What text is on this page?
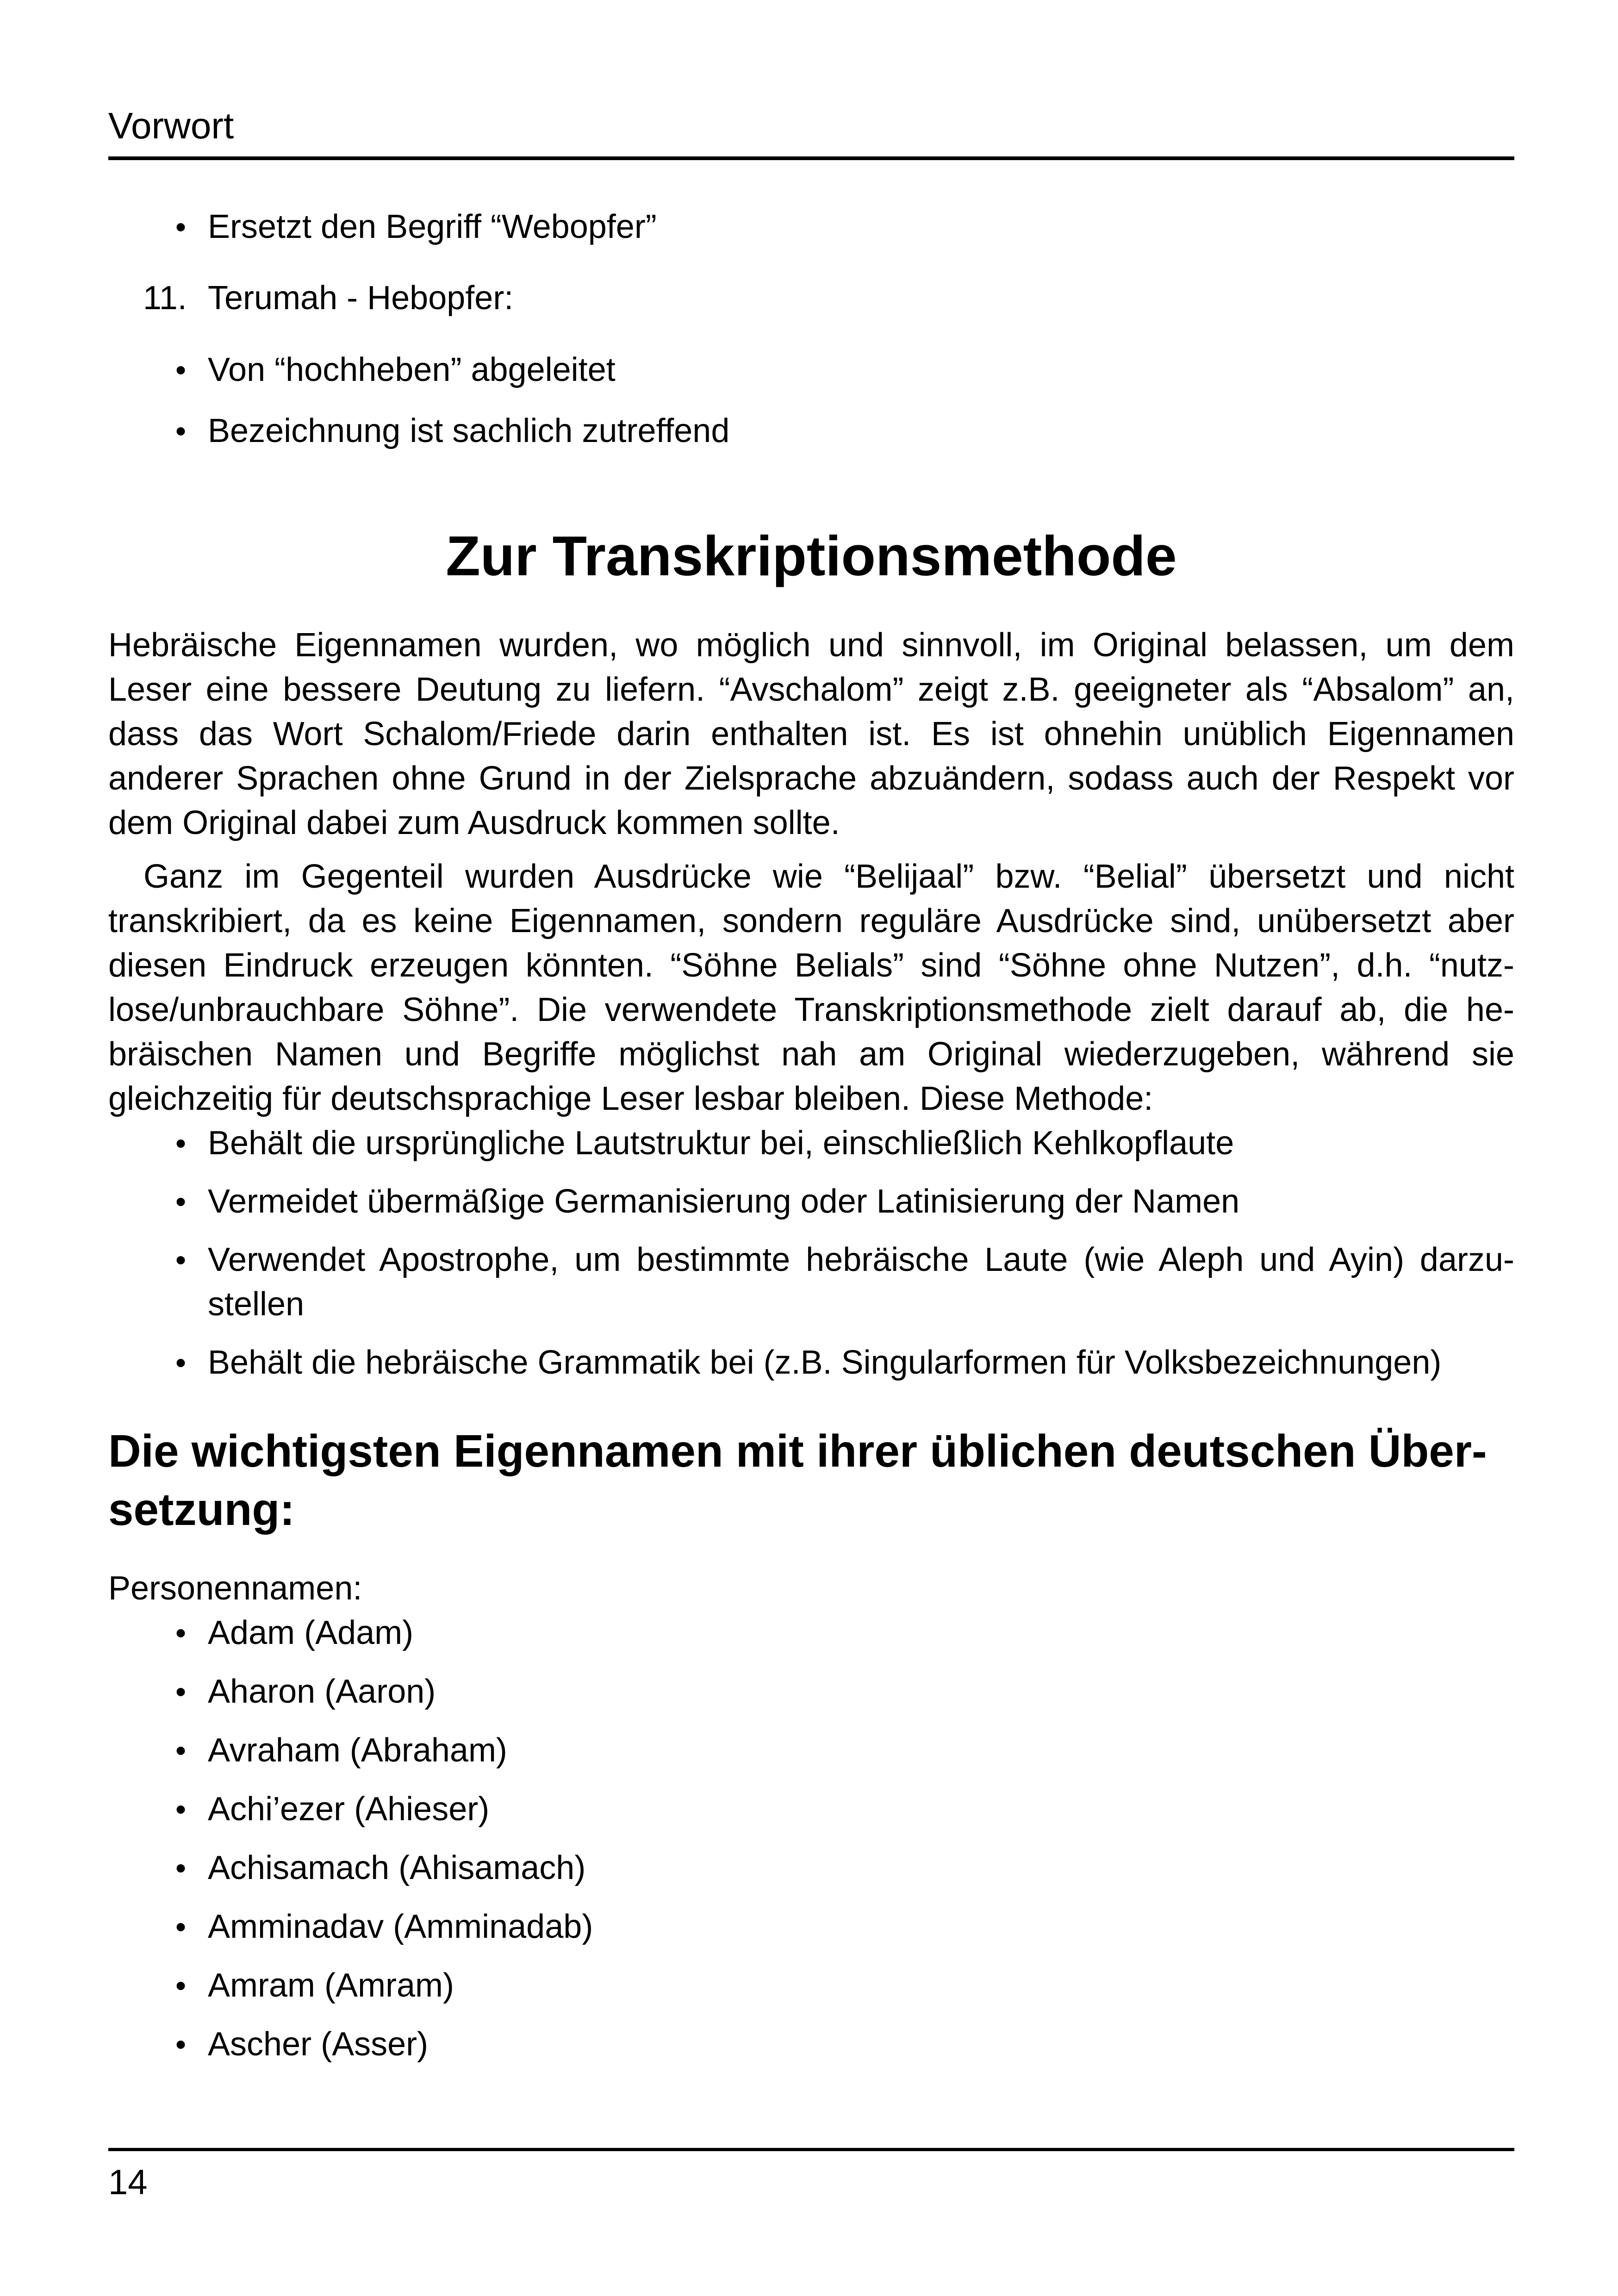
Vorwort
• Ersetzt den Begriff “Webopfer”
11. Terumah - Hebopfer:
• Von “hochheben” abgeleitet
• Bezeichnung ist sachlich zutreffend
Zur Transkriptionsmethode
Hebräische Eigennamen wurden, wo möglich und sinnvoll, im Original belassen, um dem
Leser eine bessere Deutung zu liefern. “Avschalom” zeigt z.B. geeigneter als “Absalom” an,
dass das Wort Schalom/Friede darin enthalten ist. Es ist ohnehin unüblich Eigennamen
anderer Sprachen ohne Grund in der Zielsprache abzuändern, sodass auch der Respekt vor
dem Original dabei zum Ausdruck kommen sollte.
Ganz im Gegenteil wurden Ausdrücke wie “Belijaal” bzw. “Belial” übersetzt und nicht
transkribiert, da es keine Eigennamen, sondern reguläre Ausdrücke sind, unübersetzt aber
diesen Eindruck erzeugen könnten. “Söhne Belials” sind “Söhne ohne Nutzen”, d.h. “nutz-
lose/unbrauchbare Söhne”. Die verwendete Transkriptionsmethode zielt darauf ab, die he-
bräischen Namen und Begriffe möglichst nah am Original wiederzugeben, während sie
gleichzeitig für deutschsprachige Leser lesbar bleiben. Diese Methode:
• Behält die ursprüngliche Lautstruktur bei, einschließlich Kehlkopflaute
• Vermeidet übermäßige Germanisierung oder Latinisierung der Namen
• Verwendet Apostrophe, um bestimmte hebräische Laute (wie Aleph und Ayin) darzu-
stellen
• Behält die hebräische Grammatik bei (z.B. Singularformen für Volksbezeichnungen)
Die wichtigsten Eigennamen mit ihrer üblichen deutschen Über-
setzung:
Personennamen:
• Adam (Adam)
• Aharon (Aaron)
• Avraham (Abraham)
• Achi’ezer (Ahieser)
• Achisamach (Ahisamach)
• Amminadav (Amminadab)
• Amram (Amram)
• Ascher (Asser)
14
